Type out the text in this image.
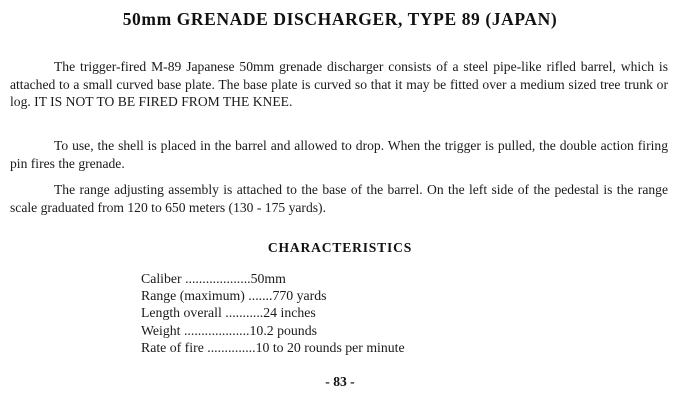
50mm GRENADE DISCHARGER, TYPE 89 (JAPAN)

The trigger-fired M-89 Japanese 50mm grenade discharger consists of a steel pipe-like rifled barrel, which is attached to a small curved base plate. The base plate is curved so that it may be fitted over a medium sized tree trunk or log. IT IS NOT TO BE FIRED FROM THE KNEE.

To use, the shell is placed in the barrel and allowed to drop. When the trigger is pulled, the double action firing pin fires the grenade.

The range adjusting assembly is attached to the base of the barrel. On the left side of the pedestal is the range scale graduated from 120 to 650 meters (130 - 175 yards).

CHARACTERISTICS
Caliber ...................50mm
Range (maximum) .......770 yards
Length overall ...........24 inches
Weight ...................10.2 pounds
Rate of fire ..............10 to 20 rounds per minute
- 83 -
